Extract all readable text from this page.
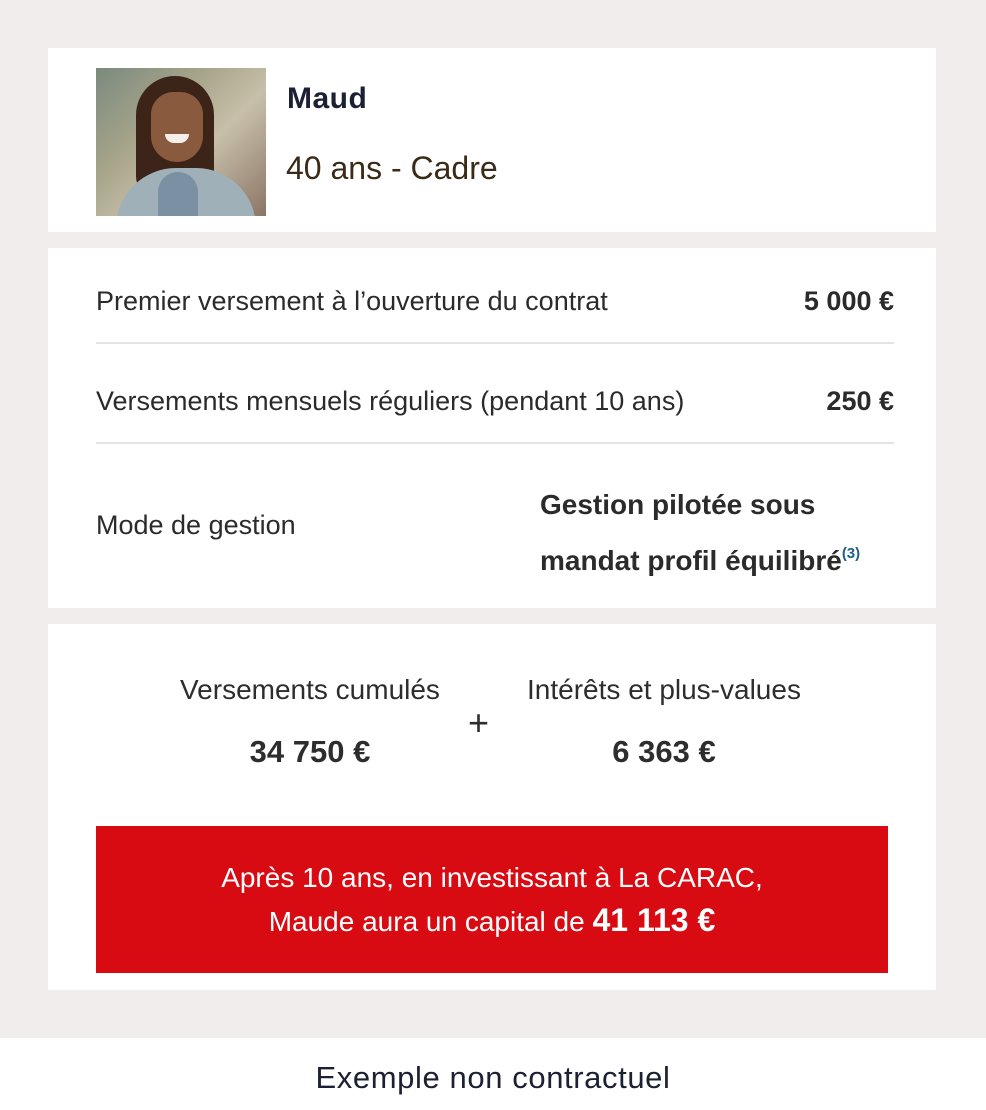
Maud
40 ans - Cadre
Premier versement à l’ouverture du contrat	5 000 €
Versements mensuels réguliers (pendant 10 ans)	250 €
Mode de gestion
Gestion pilotée sous
mandat profil équilibré$^{(3)}$
Versements cumulés
34 750 €
+
Intérêts et plus-values
6 363 €
Après 10 ans, en investissant à La CARAC,
Maude aura un capital de 41 113 €
Exemple non contractuel
